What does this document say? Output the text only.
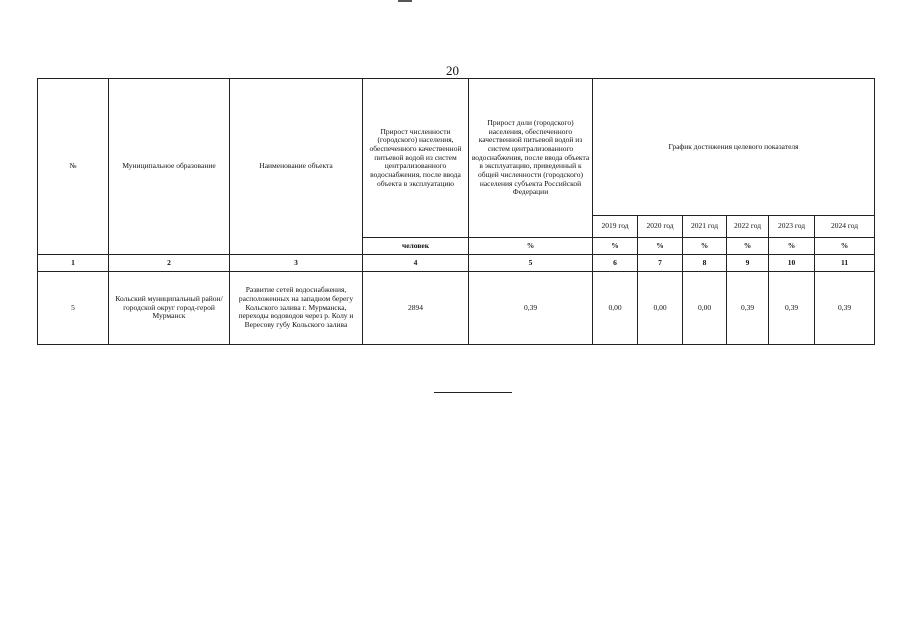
20
№	Муниципальное образование	Наименование объекта	Прирост численности (городского) населения, обеспеченного качественной питьевой водой из систем централизованного водоснабжения, после ввода объекта в эксплуатацию	Прирост доли (городского) населения, обеспеченного качественной питьевой водой из систем централизованного водоснабжения, после ввода объекта в эксплуатацию, приведенный к общей численности (городского) населения субъекта Российской Федерации	График достижения целевого показателя					
					2019 год	2020 год	2021 год	2022 год	2023 год	2024 год
			человек	%	%	%	%	%	%	%
1	2	3	4	5	6	7	8	9	10	11
5	Кольский муниципальный район/городской округ город-герой Мурманск	Развитие сетей водоснабжения, расположенных на западном берегу Кольского залива г. Мурманска, переходы водоводов через р. Колу и Вересову губу Кольского залива	2894	0,39	0,00	0,00	0,00	0,39	0,39	0,39
